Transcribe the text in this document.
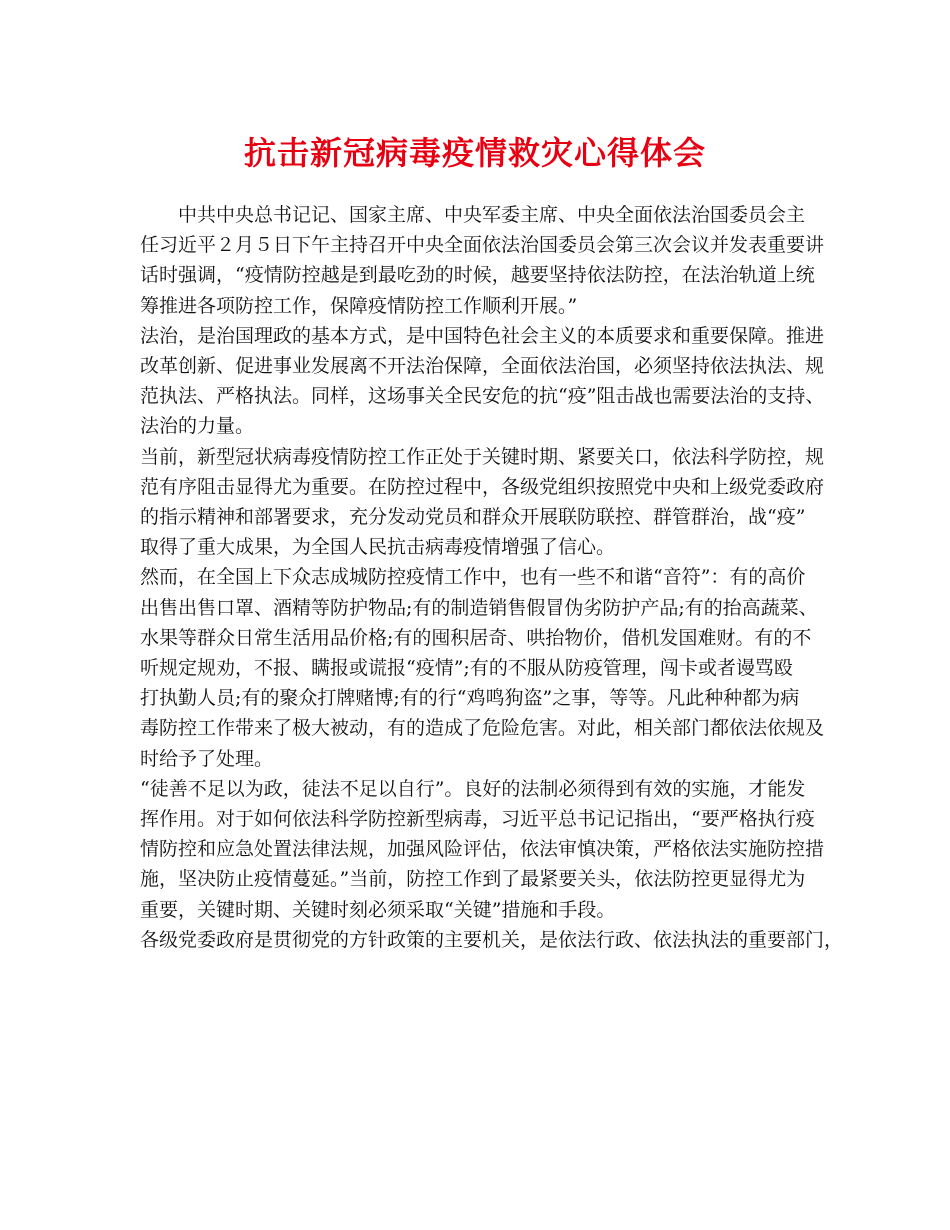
抗击新冠病毒疫情救灾心得体会

　　中共中央总书记记、国家主席、中央军委主席、中央全面依法治国委员会主

任习近平２月５日下午主持召开中央全面依法治国委员会第三次会议并发表重要讲

话时强调，“疫情防控越是到最吃劲的时候，越要坚持依法防控，在法治轨道上统

筹推进各项防控工作，保障疫情防控工作顺利开展。”

法治，是治国理政的基本方式，是中国特色社会主义的本质要求和重要保障。推进

改革创新、促进事业发展离不开法治保障，全面依法治国，必须坚持依法执法、规

范执法、严格执法。同样，这场事关全民安危的抗“疫”阻击战也需要法治的支持、

法治的力量。

当前，新型冠状病毒疫情防控工作正处于关键时期、紧要关口，依法科学防控，规

范有序阻击显得尤为重要。在防控过程中，各级党组织按照党中央和上级党委政府

的指示精神和部署要求，充分发动党员和群众开展联防联控、群管群治，战“疫”

取得了重大成果，为全国人民抗击病毒疫情增强了信心。

然而，在全国上下众志成城防控疫情工作中，也有一些不和谐“音符”：有的高价

出售出售口罩、酒精等防护物品;有的制造销售假冒伪劣防护产品;有的抬高蔬菜、

水果等群众日常生活用品价格;有的囤积居奇、哄抬物价，借机发国难财。有的不

听规定规劝，不报、瞒报或谎报“疫情”;有的不服从防疫管理，闯卡或者谩骂殴

打执勤人员;有的聚众打牌赌博;有的行“鸡鸣狗盗”之事，等等。凡此种种都为病

毒防控工作带来了极大被动，有的造成了危险危害。对此，相关部门都依法依规及

时给予了处理。

“徒善不足以为政，徒法不足以自行”。良好的法制必须得到有效的实施，才能发

挥作用。对于如何依法科学防控新型病毒，习近平总书记记指出，“要严格执行疫

情防控和应急处置法律法规，加强风险评估，依法审慎决策，严格依法实施防控措

施，坚决防止疫情蔓延。”当前，防控工作到了最紧要关头，依法防控更显得尤为

重要，关键时期、关键时刻必须采取“关键”措施和手段。

各级党委政府是贯彻党的方针政策的主要机关，是依法行政、依法执法的重要部门，
